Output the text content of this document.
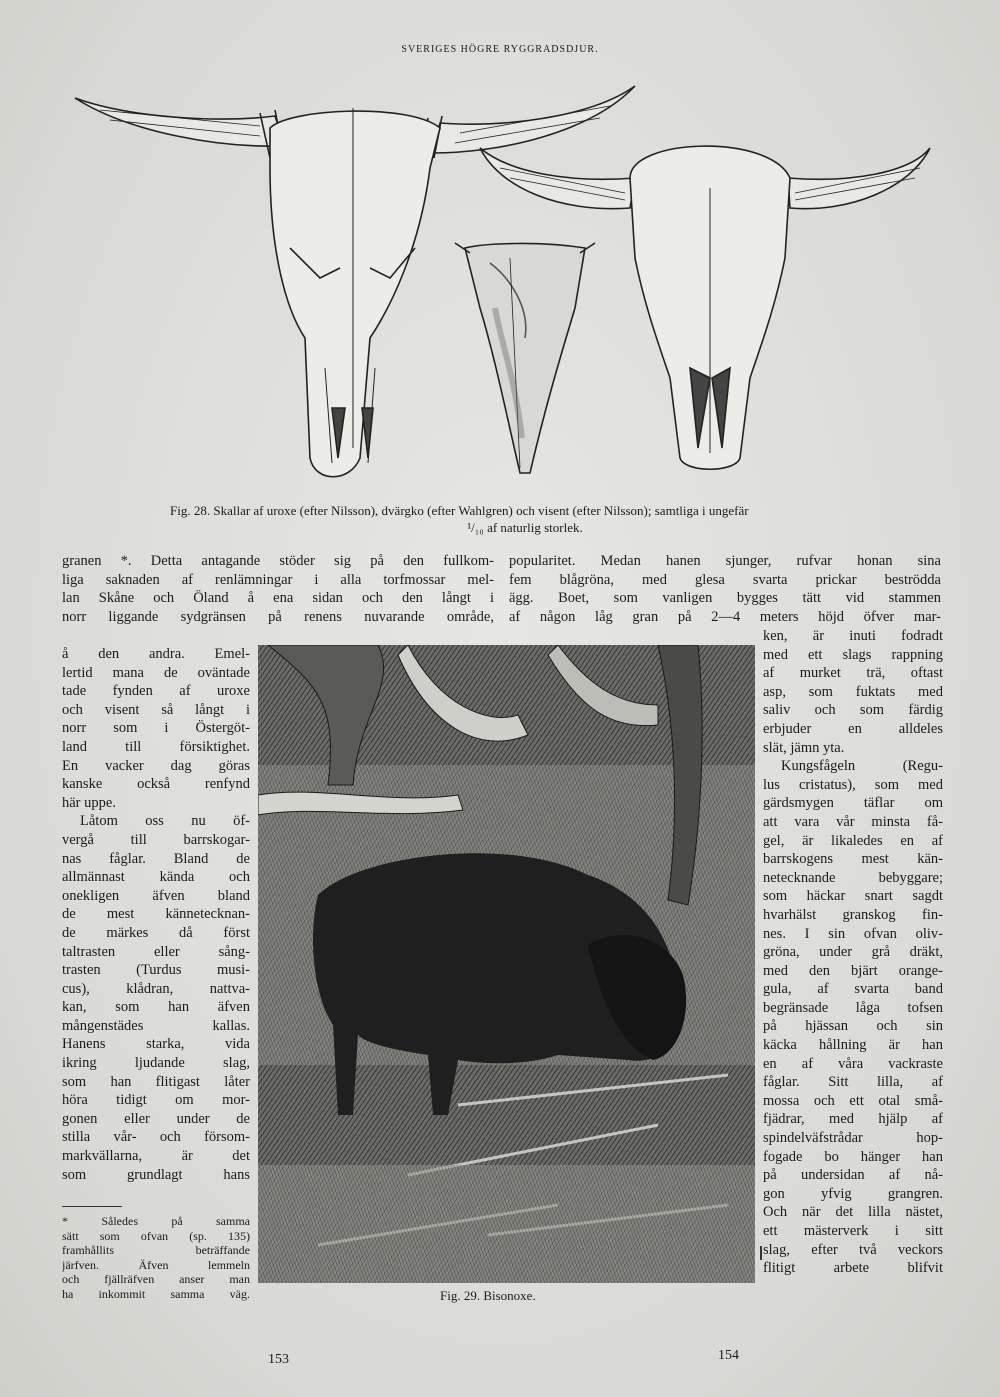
SVERIGES HÖGRE RYGGRADSDJUR.
Fig. 28. Skallar af uroxe (efter Nilsson), dvärgko (efter Wahlgren) och visent (efter Nilsson); samtliga i ungefär
¹/₁₀ af naturlig storlek.
granen *. Detta antagande stöder sig på den fullkom-
liga saknaden af renlämningar i alla torfmossar mel-
lan Skåne och Öland å ena sidan och den långt i
norr liggande sydgränsen på renens nuvarande område,
å den andra. Emel-
lertid mana de oväntade
tade fynden af uroxe
och visent så långt i
norr som i Östergöt-
land till försiktighet.
En vacker dag göras
kanske också renfynd
här uppe.
Låtom oss nu öf-
vergå till barrskogar-
nas fåglar. Bland de
allmännast kända och
onekligen äfven bland
de mest kännetecknan-
de märkes då först
taltrasten eller sång-
trasten (Turdus musi-
cus), klådran, nattva-
kan, som han äfven
mångenstädes kallas.
Hanens starka, vida
ikring ljudande slag,
som han flitigast låter
höra tidigt om mor-
gonen eller under de
stilla vår- och försom-
markvällarna, är det
som grundlagt hans
* Således på samma
sätt som ofvan (sp. 135)
framhållits beträffande
järfven. Äfven lemmeln
och fjällräfven anser man
ha inkommit samma väg.
popularitet. Medan hanen sjunger, rufvar honan sina
fem blågröna, med glesa svarta prickar beströdda
ägg. Boet, som vanligen bygges tätt vid stammen
af någon låg gran på 2—4 meters höjd öfver mar-
ken, är inuti fodradt
med ett slags rappning
af murket trä, oftast
asp, som fuktats med
saliv och som färdig
erbjuder en alldeles
slät, jämn yta.
Kungsfågeln (Regu-
lus cristatus), som med
gärdsmygen täflar om
att vara vår minsta få-
gel, är likaledes en af
barrskogens mest kän-
netecknande bebyggare;
som häckar snart sagdt
hvarhälst granskog fin-
nes. I sin ofvan oliv-
gröna, under grå dräkt,
med den bjärt orange-
gula, af svarta band
begränsade låga tofsen
på hjässan och sin
käcka hållning är han
en af våra vackraste
fåglar. Sitt lilla, af
mossa och ett otal små-
fjädrar, med hjälp af
spindelväfstrådar hop-
fogade bo hänger han
på undersidan af nå-
gon yfvig grangren.
Och när det lilla nästet,
ett mästerverk i sitt
slag, efter två veckors
flitigt arbete blifvit
Fig. 29. Bisonoxe.
153	154
